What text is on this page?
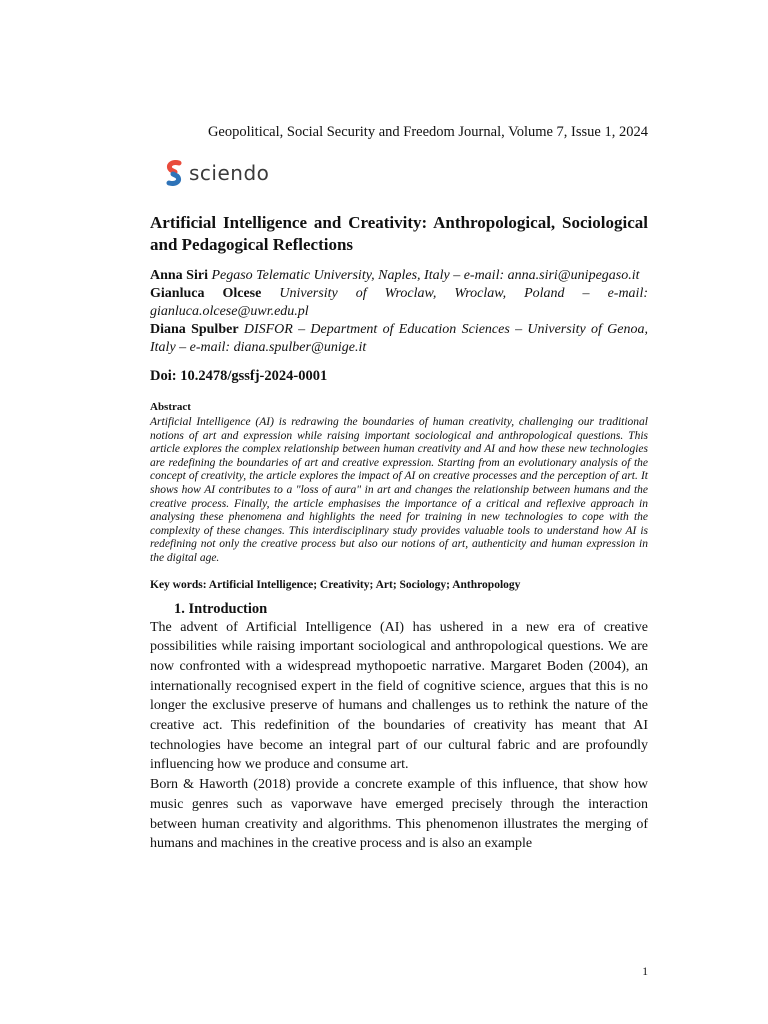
Geopolitical, Social Security and Freedom Journal, Volume 7, Issue 1, 2024
sciendo
Artificial Intelligence and Creativity: Anthropological, Sociological and Pedagogical Reflections

Anna Siri Pegaso Telematic University, Naples, Italy – e-mail: anna.siri@unipegaso.it

Gianluca Olcese University of Wroclaw, Wroclaw, Poland – e-mail: gianluca.olcese@uwr.edu.pl

Diana Spulber DISFOR – Department of Education Sciences – University of Genoa, Italy – e-mail: diana.spulber@unige.it

Doi: 10.2478/gssfj-2024-0001
Abstract
Artificial Intelligence (AI) is redrawing the boundaries of human creativity, challenging our traditional notions of art and expression while raising important sociological and anthropological questions. This article explores the complex relationship between human creativity and AI and how these new technologies are redefining the boundaries of art and creative expression. Starting from an evolutionary analysis of the concept of creativity, the article explores the impact of AI on creative processes and the perception of art. It shows how AI contributes to a "loss of aura" in art and changes the relationship between humans and the creative process. Finally, the article emphasises the importance of a critical and reflexive approach in analysing these phenomena and highlights the need for training in new technologies to cope with the complexity of these changes. This interdisciplinary study provides valuable tools to understand how AI is redefining not only the creative process but also our notions of art, authenticity and human expression in the digital age.
Key words: Artificial Intelligence; Creativity; Art; Sociology; Anthropology
1. Introduction

The advent of Artificial Intelligence (AI) has ushered in a new era of creative possibilities while raising important sociological and anthropological questions. We are now confronted with a widespread mythopoetic narrative. Margaret Boden (2004), an internationally recognised expert in the field of cognitive science, argues that this is no longer the exclusive preserve of humans and challenges us to rethink the nature of the creative act. This redefinition of the boundaries of creativity has meant that AI technologies have become an integral part of our cultural fabric and are profoundly influencing how we produce and consume art.

Born & Haworth (2018) provide a concrete example of this influence, that show how music genres such as vaporwave have emerged precisely through the interaction between human creativity and algorithms. This phenomenon illustrates the merging of humans and machines in the creative process and is also an example

1
